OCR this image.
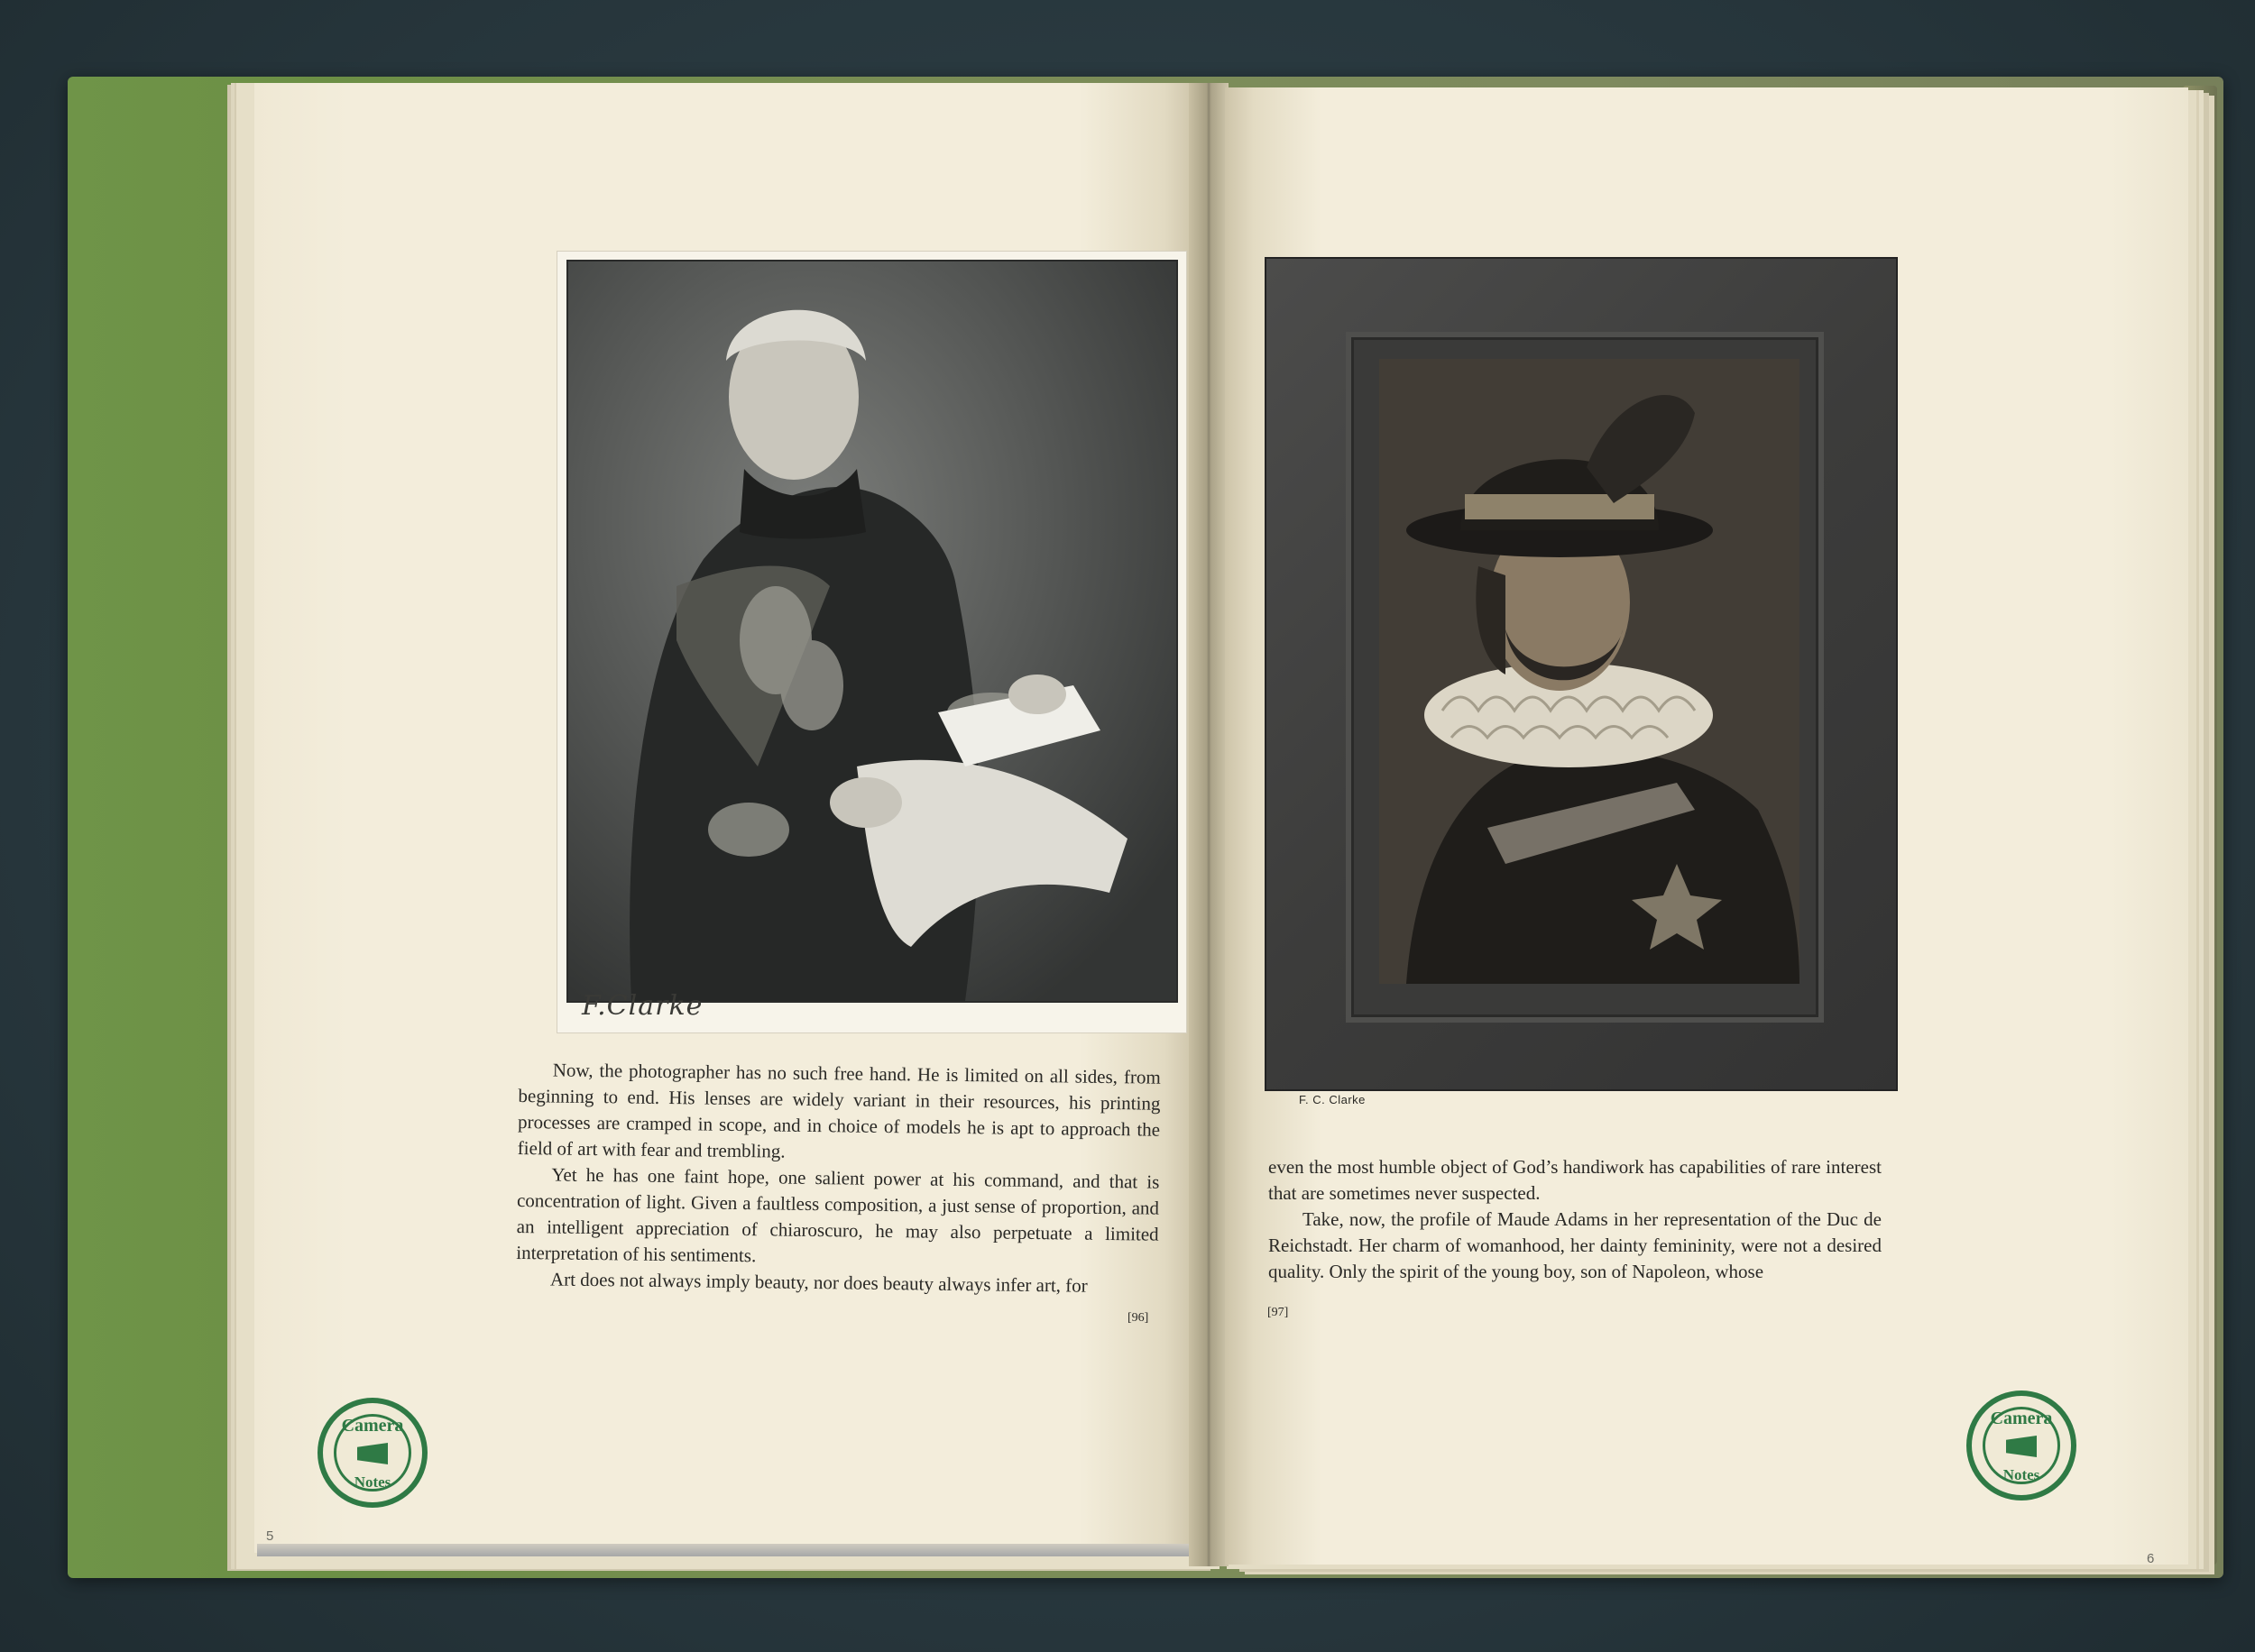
F.Clarke

Now, the photographer has no such free hand. He is limited on all sides, from beginning to end. His lenses are widely variant in their resources, his printing processes are cramped in scope, and in choice of models he is apt to approach the field of art with fear and trembling.

Yet he has one faint hope, one salient power at his command, and that is concentration of light. Given a faultless composition, a just sense of proportion, and an intelligent appreciation of chiaroscuro, he may also perpetuate a limited interpretation of his sentiments.

Art does not always imply beauty, nor does beauty always infer art, for

[96]
Camera
Notes
5
F. C. Clarke

even the most humble object of God’s handiwork has capabilities of rare interest that are sometimes never suspected.

Take, now, the profile of Maude Adams in her representation of the Duc de Reichstadt. Her charm of womanhood, her dainty femininity, were not a desired quality. Only the spirit of the young boy, son of Napoleon, whose

[97]
Camera
Notes
6
